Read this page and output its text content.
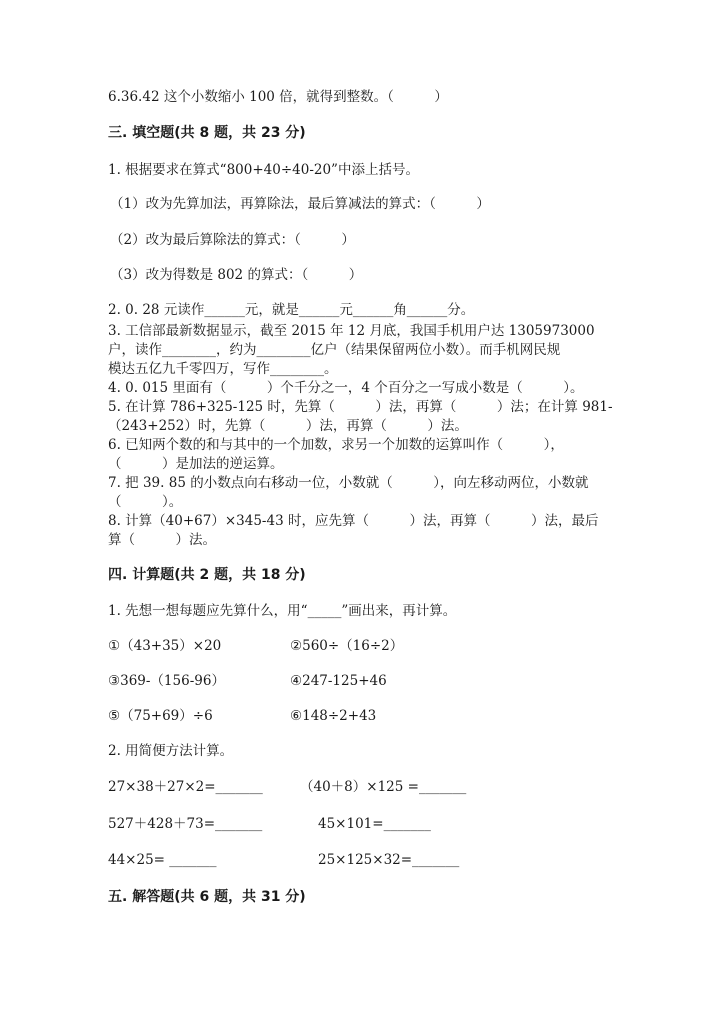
6.36.42 这个小数缩小 100 倍，就得到整数。（　　　）
三. 填空题(共 8 题，共 23 分)
1. 根据要求在算式“800+40÷40-20”中添上括号。
（1）改为先算加法，再算除法，最后算减法的算式：（　　　）
（2）改为最后算除法的算式：（　　　）
（3）改为得数是 802 的算式：（　　　）
2. 0. 28 元读作______元，就是______元______角______分。
3. 工信部最新数据显示，截至 2015 年 12 月底，我国手机用户达 1305973000
户，读作________，约为________亿户（结果保留两位小数）。而手机网民规
模达五亿九千零四万，写作________。
4. 0. 015 里面有（　　　）个千分之一，4 个百分之一写成小数是（　　　）。
5. 在计算 786+325-125 时，先算（　　　）法，再算（　　　）法；在计算 981-
（243+252）时，先算（　　　）法，再算（　　　）法。
6. 已知两个数的和与其中的一个加数，求另一个加数的运算叫作（　　　），
（　　　）是加法的逆运算。
7. 把 39. 85 的小数点向右移动一位，小数就（　　　），向左移动两位，小数就
（　　　）。
8. 计算（40+67）×345-43 时，应先算（　　　）法，再算（　　　）法，最后
算（　　　）法。
四. 计算题(共 2 题，共 18 分)
1. 先想一想每题应先算什么，用“_____”画出来，再计算。
①（43+35）×20	②560÷（16÷2）
③369-（156-96）	④247-125+46
⑤（75+69）÷6	⑥148÷2+43
2. 用简便方法计算。
27×38＋27×2=_______	（40＋8）×125 =_______
527＋428＋73=_______	45×101=_______
44×25= _______	25×125×32=_______
五. 解答题(共 6 题，共 31 分)
